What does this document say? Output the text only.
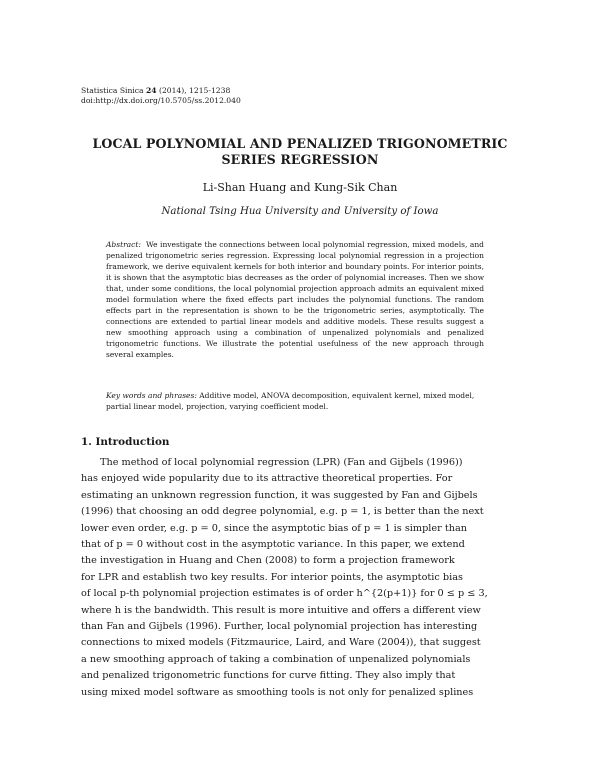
Statistica Sinica 24 (2014), 1215-1238
doi:http://dx.doi.org/10.5705/ss.2012.040
LOCAL POLYNOMIAL AND PENALIZED TRIGONOMETRIC
SERIES REGRESSION
Li-Shan Huang and Kung-Sik Chan
National Tsing Hua University and University of Iowa
Abstract: We investigate the connections between local polynomial regression, mixed models, and penalized trigonometric series regression. Expressing local polynomial regression in a projection framework, we derive equivalent kernels for both interior and boundary points. For interior points, it is shown that the asymptotic bias decreases as the order of polynomial increases. Then we show that, under some conditions, the local polynomial projection approach admits an equivalent mixed model formulation where the fixed effects part includes the polynomial functions. The random effects part in the representation is shown to be the trigonometric series, asymptotically. The connections are extended to partial linear models and additive models. These results suggest a new smoothing approach using a combination of unpenalized polynomials and penalized trigonometric functions. We illustrate the potential usefulness of the new approach through several examples.
Key words and phrases: Additive model, ANOVA decomposition, equivalent kernel, mixed model, partial linear model, projection, varying coefficient model.
1. Introduction
The method of local polynomial regression (LPR) (Fan and Gijbels (1996))
has enjoyed wide popularity due to its attractive theoretical properties. For
estimating an unknown regression function, it was suggested by Fan and Gijbels
(1996) that choosing an odd degree polynomial, e.g. p = 1, is better than the next
lower even order, e.g. p = 0, since the asymptotic bias of p = 1 is simpler than
that of p = 0 without cost in the asymptotic variance. In this paper, we extend
the investigation in Huang and Chen (2008) to form a projection framework
for LPR and establish two key results. For interior points, the asymptotic bias
of local p-th polynomial projection estimates is of order h^{2(p+1)} for 0 ≤ p ≤ 3,
where h is the bandwidth. This result is more intuitive and offers a different view
than Fan and Gijbels (1996). Further, local polynomial projection has interesting
connections to mixed models (Fitzmaurice, Laird, and Ware (2004)), that suggest
a new smoothing approach of taking a combination of unpenalized polynomials
and penalized trigonometric functions for curve fitting. They also imply that
using mixed model software as smoothing tools is not only for penalized splines
